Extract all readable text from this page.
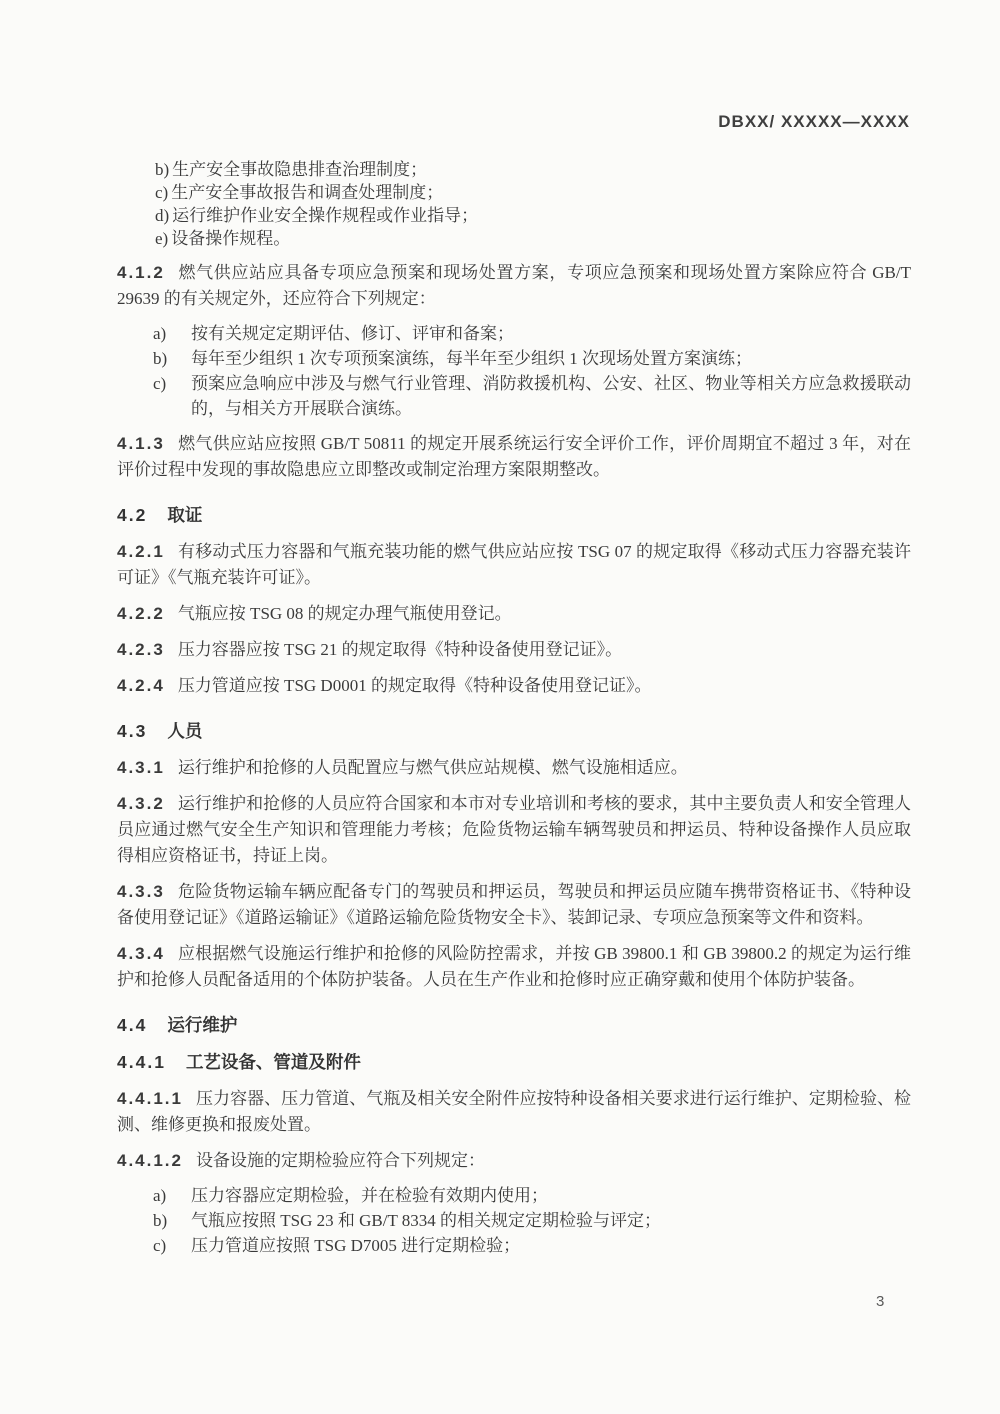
DBXX/ XXXXX—XXXX
b) 生产安全事故隐患排查治理制度；
c) 生产安全事故报告和调查处理制度；
d) 运行维护作业安全操作规程或作业指导；
e) 设备操作规程。

4.1.2 燃气供应站应具备专项应急预案和现场处置方案，专项应急预案和现场处置方案除应符合 GB/T 29639 的有关规定外，还应符合下列规定：

a) 按有关规定定期评估、修订、评审和备案；
b) 每年至少组织 1 次专项预案演练，每半年至少组织 1 次现场处置方案演练；
c) 预案应急响应中涉及与燃气行业管理、消防救援机构、公安、社区、物业等相关方应急救援联动的，与相关方开展联合演练。

4.1.3 燃气供应站应按照 GB/T 50811 的规定开展系统运行安全评价工作，评价周期宜不超过 3 年，对在评价过程中发现的事故隐患应立即整改或制定治理方案限期整改。

4.2 取证

4.2.1 有移动式压力容器和气瓶充装功能的燃气供应站应按 TSG 07 的规定取得《移动式压力容器充装许可证》《气瓶充装许可证》。

4.2.2 气瓶应按 TSG 08 的规定办理气瓶使用登记。

4.2.3 压力容器应按 TSG 21 的规定取得《特种设备使用登记证》。

4.2.4 压力管道应按 TSG D0001 的规定取得《特种设备使用登记证》。

4.3 人员

4.3.1 运行维护和抢修的人员配置应与燃气供应站规模、燃气设施相适应。

4.3.2 运行维护和抢修的人员应符合国家和本市对专业培训和考核的要求，其中主要负责人和安全管理人员应通过燃气安全生产知识和管理能力考核；危险货物运输车辆驾驶员和押运员、特种设备操作人员应取得相应资格证书，持证上岗。

4.3.3 危险货物运输车辆应配备专门的驾驶员和押运员，驾驶员和押运员应随车携带资格证书、《特种设备使用登记证》《道路运输证》《道路运输危险货物安全卡》、装卸记录、专项应急预案等文件和资料。

4.3.4 应根据燃气设施运行维护和抢修的风险防控需求，并按 GB 39800.1 和 GB 39800.2 的规定为运行维护和抢修人员配备适用的个体防护装备。人员在生产作业和抢修时应正确穿戴和使用个体防护装备。

4.4 运行维护
4.4.1 工艺设备、管道及附件

4.4.1.1 压力容器、压力管道、气瓶及相关安全附件应按特种设备相关要求进行运行维护、定期检验、检测、维修更换和报废处置。

4.4.1.2 设备设施的定期检验应符合下列规定：

a) 压力容器应定期检验，并在检验有效期内使用；
b) 气瓶应按照 TSG 23 和 GB/T 8334 的相关规定定期检验与评定；
c) 压力管道应按照 TSG D7005 进行定期检验；
3
